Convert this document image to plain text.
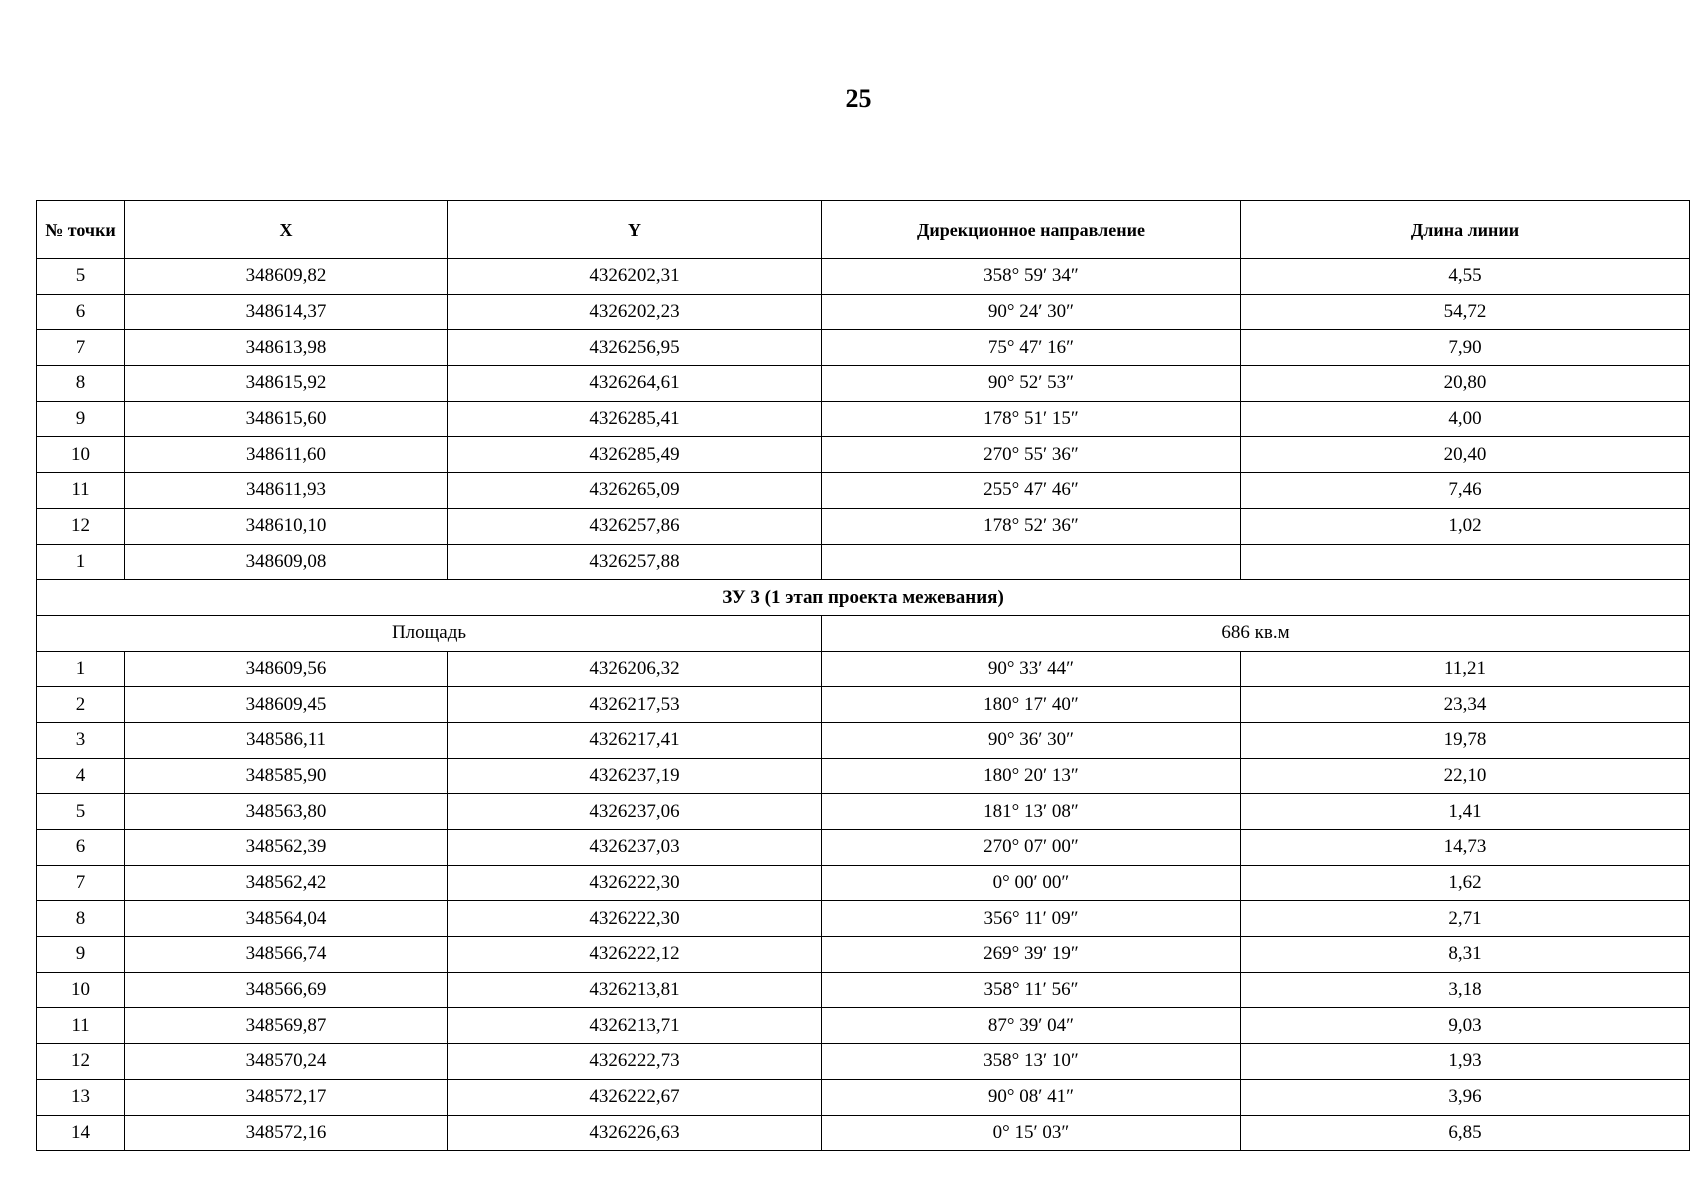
25
№ точки	X	Y	Дирекционное направление	Длина линии
5	348609,82	4326202,31	358° 59′ 34″	4,55
6	348614,37	4326202,23	90° 24′ 30″	54,72
7	348613,98	4326256,95	75° 47′ 16″	7,90
8	348615,92	4326264,61	90° 52′ 53″	20,80
9	348615,60	4326285,41	178° 51′ 15″	4,00
10	348611,60	4326285,49	270° 55′ 36″	20,40
11	348611,93	4326265,09	255° 47′ 46″	7,46
12	348610,10	4326257,86	178° 52′ 36″	1,02
1	348609,08	4326257,88		
ЗУ 3 (1 этап проекта межевания)				
Площадь			686 кв.м	
1	348609,56	4326206,32	90° 33′ 44″	11,21
2	348609,45	4326217,53	180° 17′ 40″	23,34
3	348586,11	4326217,41	90° 36′ 30″	19,78
4	348585,90	4326237,19	180° 20′ 13″	22,10
5	348563,80	4326237,06	181° 13′ 08″	1,41
6	348562,39	4326237,03	270° 07′ 00″	14,73
7	348562,42	4326222,30	0° 00′ 00″	1,62
8	348564,04	4326222,30	356° 11′ 09″	2,71
9	348566,74	4326222,12	269° 39′ 19″	8,31
10	348566,69	4326213,81	358° 11′ 56″	3,18
11	348569,87	4326213,71	87° 39′ 04″	9,03
12	348570,24	4326222,73	358° 13′ 10″	1,93
13	348572,17	4326222,67	90° 08′ 41″	3,96
14	348572,16	4326226,63	0° 15′ 03″	6,85
